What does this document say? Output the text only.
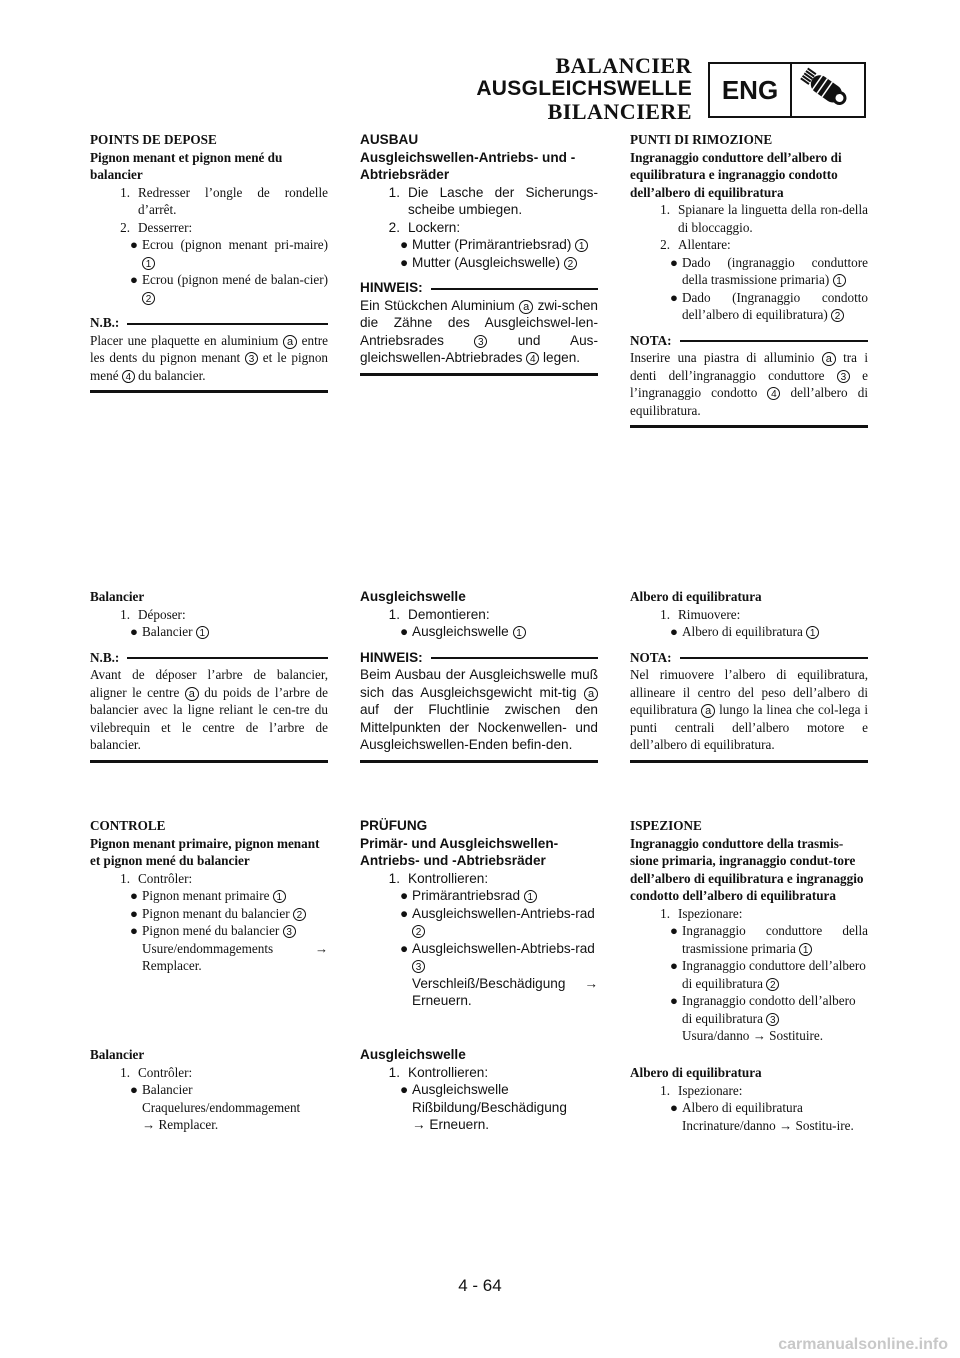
BALANCIER
AUSGLEICHSWELLE
BILANCIERE
ENG
POINTS DE DEPOSE
Pignon menant et pignon mené du balancier
1. Redresser l’ongle de rondelle d’arrêt.
2. Desserrer:
● Ecrou (pignon menant pri-maire) 1
● Ecrou (pignon mené de balan-cier) 2
N.B.:
Placer une plaquette en aluminium a entre les dents du pignon menant 3 et le pignon mené 4 du balancier.
Balancier
1. Déposer:
● Balancier 1
N.B.:
Avant de déposer l’arbre de balancier, aligner le centre a du poids de l’arbre de balancier avec la ligne reliant le cen-tre du vilebrequin et le centre de l’arbre de balancier.
CONTROLE
Pignon menant primaire, pignon menant et pignon mené du balancier
1. Contrôler:
● Pignon menant primaire 1
● Pignon menant du balancier 2
● Pignon mené du balancier 3
Usure/endommagements	→
Remplacer.
Balancier
1. Contrôler:
● Balancier
Craquelures/endommagement
→ Remplacer.
AUSBAU
Ausgleichswellen-Antriebs- und -Abtriebsräder
1. Die Lasche der Sicherungs-scheibe umbiegen.
2. Lockern:
● Mutter (Primärantriebsrad) 1
● Mutter (Ausgleichswelle) 2
HINWEIS:
Ein Stückchen Aluminium a zwi-schen die Zähne des Ausgleichswel-len-Antriebsrades	3	und Aus-gleichswellen-Abtriebrades 4 legen.
Ausgleichswelle
1. Demontieren:
● Ausgleichswelle 1
HINWEIS:
Beim Ausbau der Ausgleichswelle muß sich das Ausgleichsgewicht mit-tig a auf der Fluchtlinie zwischen den Mittelpunkten der Nockenwellen- und Ausgleichswellen-Enden befin-den.
PRÜFUNG
Primär- und Ausgleichswellen-Antriebs- und -Abtriebsräder
1. Kontrollieren:
● Primärantriebsrad 1
● Ausgleichswellen-Antriebs-rad 2
● Ausgleichswellen-Abtriebs-rad 3
Verschleiß/Beschädigung →
Erneuern.
Ausgleichswelle
1. Kontrollieren:
● Ausgleichswelle
Rißbildung/Beschädigung
→ Erneuern.
PUNTI DI RIMOZIONE
Ingranaggio conduttore dell’albero di equilibratura e ingranaggio condotto dell’albero di equilibratura
1. Spianare la linguetta della ron-della di bloccaggio.
2. Allentare:
● Dado (ingranaggio conduttore della trasmissione primaria) 1
● Dado (Ingranaggio condotto dell’albero di equilibratura) 2
NOTA:
Inserire una piastra di alluminio a tra i denti dell’ingranaggio conduttore 3 e l’ingranaggio condotto 4 dell’albero di equilibratura.
Albero di equilibratura
1. Rimuovere:
● Albero di equilibratura 1
NOTA:
Nel rimuovere l’albero di equilibratura, allineare il centro del peso dell’albero di equilibratura a lungo la linea che col-lega i punti centrali dell’albero motore e dell’albero di equilibratura.
ISPEZIONE
Ingranaggio conduttore della trasmis-sione primaria, ingranaggio condut-tore dell’albero di equilibratura e ingranaggio condotto dell’albero di equilibratura
1. Ispezionare:
● Ingranaggio conduttore della trasmissione primaria 1
● Ingranaggio conduttore dell’albero di equilibratura 2
● Ingranaggio condotto dell’albero di equilibratura 3
Usura/danno → Sostituire.
Albero di equilibratura
1. Ispezionare:
● Albero di equilibratura
Incrinature/danno → Sostitu-ire.
4 - 64
carmanualsonline.info
